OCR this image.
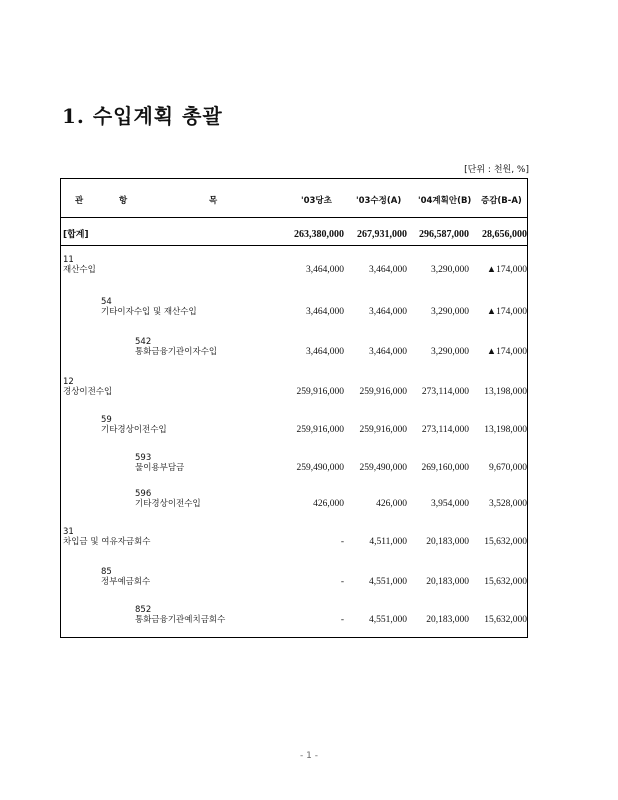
1. 수입계획 총괄
[단위 : 천원, %]
관	항	목	'03당초	'03수정(A) '04계획안(B) 증감(B-A)
[합계]	263,380,000	267,931,000	296,587,000	28,656,000
11
재산수입	3,464,000	3,464,000	3,290,000	▲174,000
54
기타이자수입 및 재산수입	3,464,000	3,464,000	3,290,000	▲174,000
542
통화금융기관이자수입	3,464,000	3,464,000	3,290,000	▲174,000
12
경상이전수입	259,916,000	259,916,000	273,114,000	13,198,000
59
기타경상이전수입	259,916,000	259,916,000	273,114,000	13,198,000
593
물이용부담금	259,490,000	259,490,000	269,160,000	9,670,000
596
기타경상이전수입	426,000	426,000	3,954,000	3,528,000
31
차입금 및 여유자금회수	-	4,511,000	20,183,000	15,632,000
85
정부예금회수	-	4,551,000	20,183,000	15,632,000
852
통화금융기관예치금회수	-	4,551,000	20,183,000	15,632,000
- 1 -
